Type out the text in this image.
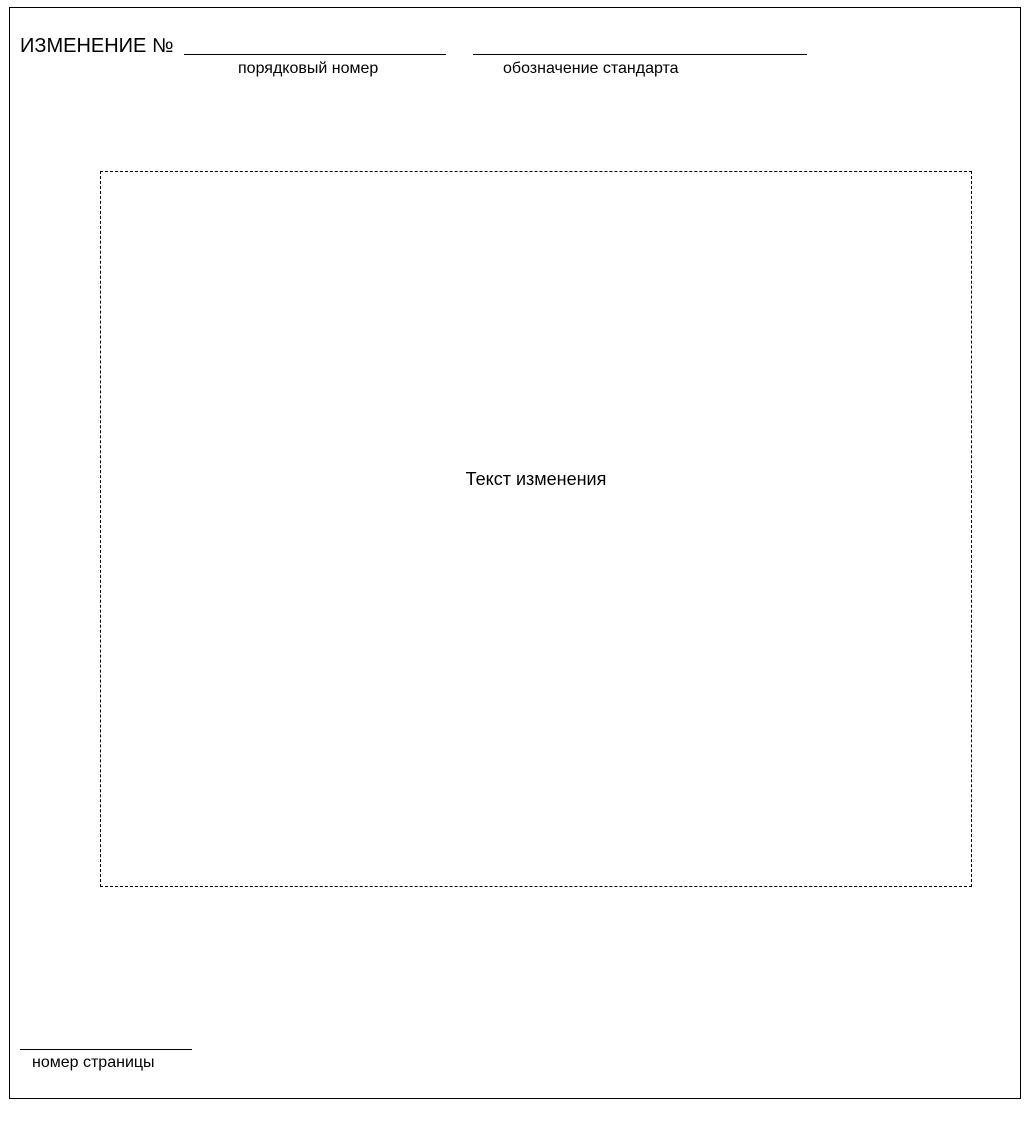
ИЗМЕНЕНИЕ №
порядковый номер	обозначение стандарта
Текст изменения
номер страницы
